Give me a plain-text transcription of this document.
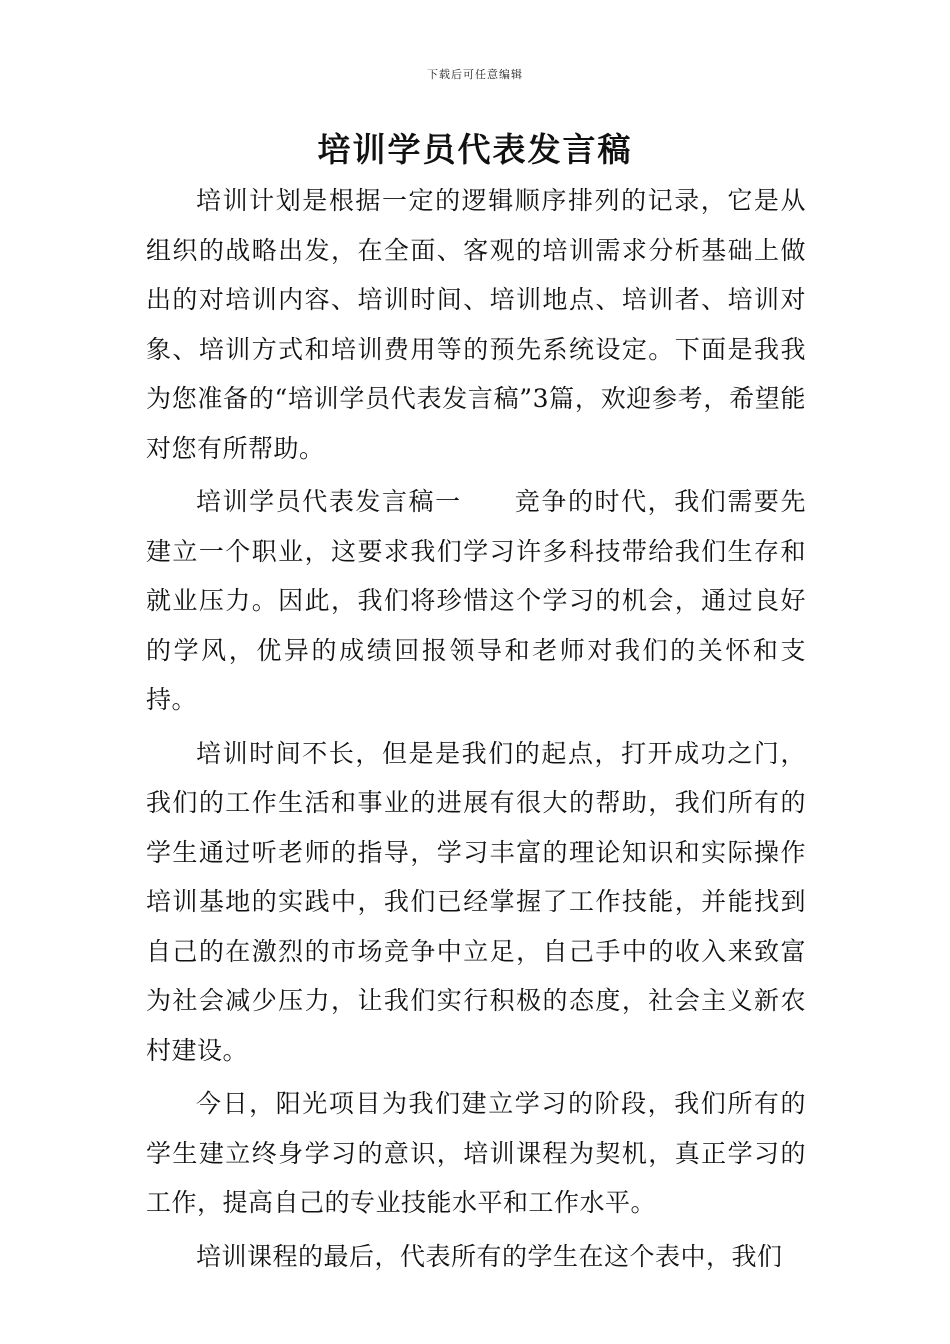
下载后可任意编辑
培训学员代表发言稿

培训计划是根据一定的逻辑顺序排列的记录，它是从组织的战略出发，在全面、客观的培训需求分析基础上做出的对培训内容、培训时间、培训地点、培训者、培训对象、培训方式和培训费用等的预先系统设定。下面是我我为您准备的“培训学员代表发言稿”3篇，欢迎参考，希望能对您有所帮助。

培训学员代表发言稿一　　竞争的时代，我们需要先建立一个职业，这要求我们学习许多科技带给我们生存和就业压力。因此，我们将珍惜这个学习的机会，通过良好的学风，优异的成绩回报领导和老师对我们的关怀和支持。

培训时间不长，但是是我们的起点，打开成功之门，我们的工作生活和事业的进展有很大的帮助，我们所有的学生通过听老师的指导，学习丰富的理论知识和实际操作培训基地的实践中，我们已经掌握了工作技能，并能找到自己的在激烈的市场竞争中立足，自己手中的收入来致富为社会减少压力，让我们实行积极的态度，社会主义新农村建设。

今日，阳光项目为我们建立学习的阶段，我们所有的学生建立终身学习的意识，培训课程为契机，真正学习的工作，提高自己的专业技能水平和工作水平。

培训课程的最后，代表所有的学生在这个表中，我们
